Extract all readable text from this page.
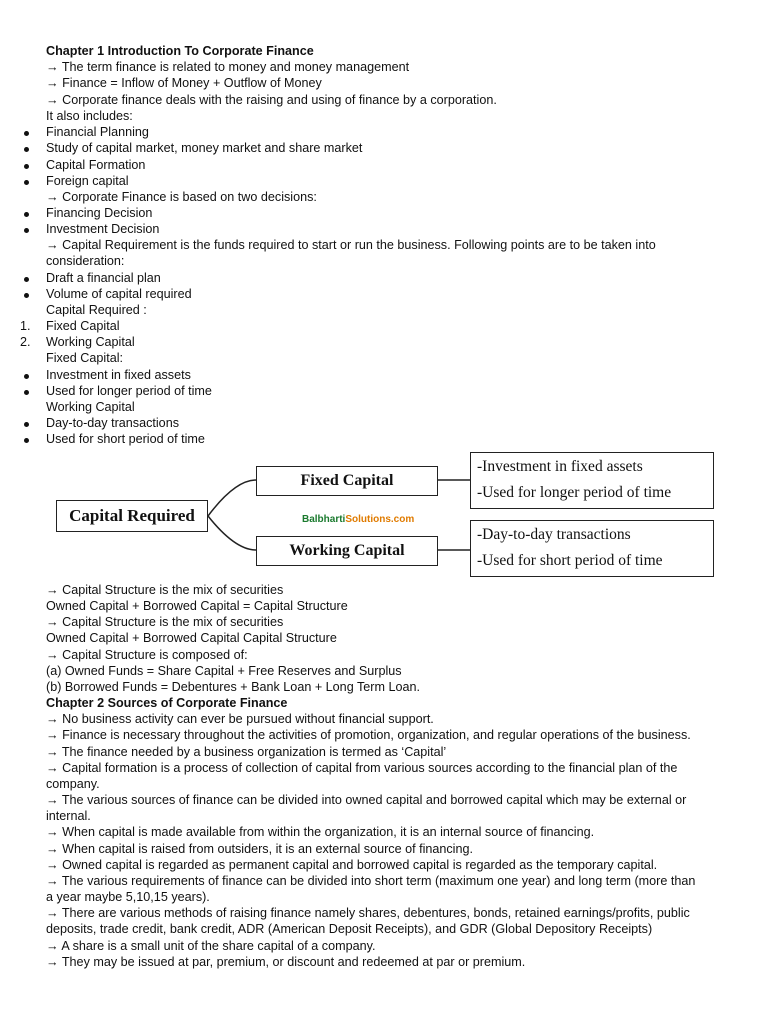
Chapter 1 Introduction To Corporate Finance
→ The term finance is related to money and money management
→ Finance = Inflow of Money + Outflow of Money
→ Corporate finance deals with the raising and using of finance by a corporation.
It also includes:
Financial Planning
Study of capital market, money market and share market
Capital Formation
Foreign capital
→ Corporate Finance is based on two decisions:
Financing Decision
Investment Decision
→ Capital Requirement is the funds required to start or run the business. Following points are to be taken into
consideration:
Draft a financial plan
Volume of capital required
Capital Required :
1. Fixed Capital
2. Working Capital
Fixed Capital:
Investment in fixed assets
Used for longer period of time
Working Capital
Day-to-day transactions
Used for short period of time
Capital Required
Fixed Capital
Working Capital
-Investment in fixed assets
-Used for longer period of time
-Day-to-day transactions
-Used for short period of time
BalbhartiSolutions.com
→ Capital Structure is the mix of securities
Owned Capital + Borrowed Capital = Capital Structure
→ Capital Structure is the mix of securities
Owned Capital + Borrowed Capital Capital Structure
→ Capital Structure is composed of:
(a) Owned Funds = Share Capital + Free Reserves and Surplus
(b) Borrowed Funds = Debentures + Bank Loan + Long Term Loan.
Chapter 2 Sources of Corporate Finance
→ No business activity can ever be pursued without financial support.
→ Finance is necessary throughout the activities of promotion, organization, and regular operations of the business.
→ The finance needed by a business organization is termed as ‘Capital’
→ Capital formation is a process of collection of capital from various sources according to the financial plan of the
company.
→ The various sources of finance can be divided into owned capital and borrowed capital which may be external or
internal.
→ When capital is made available from within the organization, it is an internal source of financing.
→ When capital is raised from outsiders, it is an external source of financing.
→ Owned capital is regarded as permanent capital and borrowed capital is regarded as the temporary capital.
→ The various requirements of finance can be divided into short term (maximum one year) and long term (more than
a year maybe 5,10,15 years).
→ There are various methods of raising finance namely shares, debentures, bonds, retained earnings/profits, public
deposits, trade credit, bank credit, ADR (American Deposit Receipts), and GDR (Global Depository Receipts)
→ A share is a small unit of the share capital of a company.
→ They may be issued at par, premium, or discount and redeemed at par or premium.
